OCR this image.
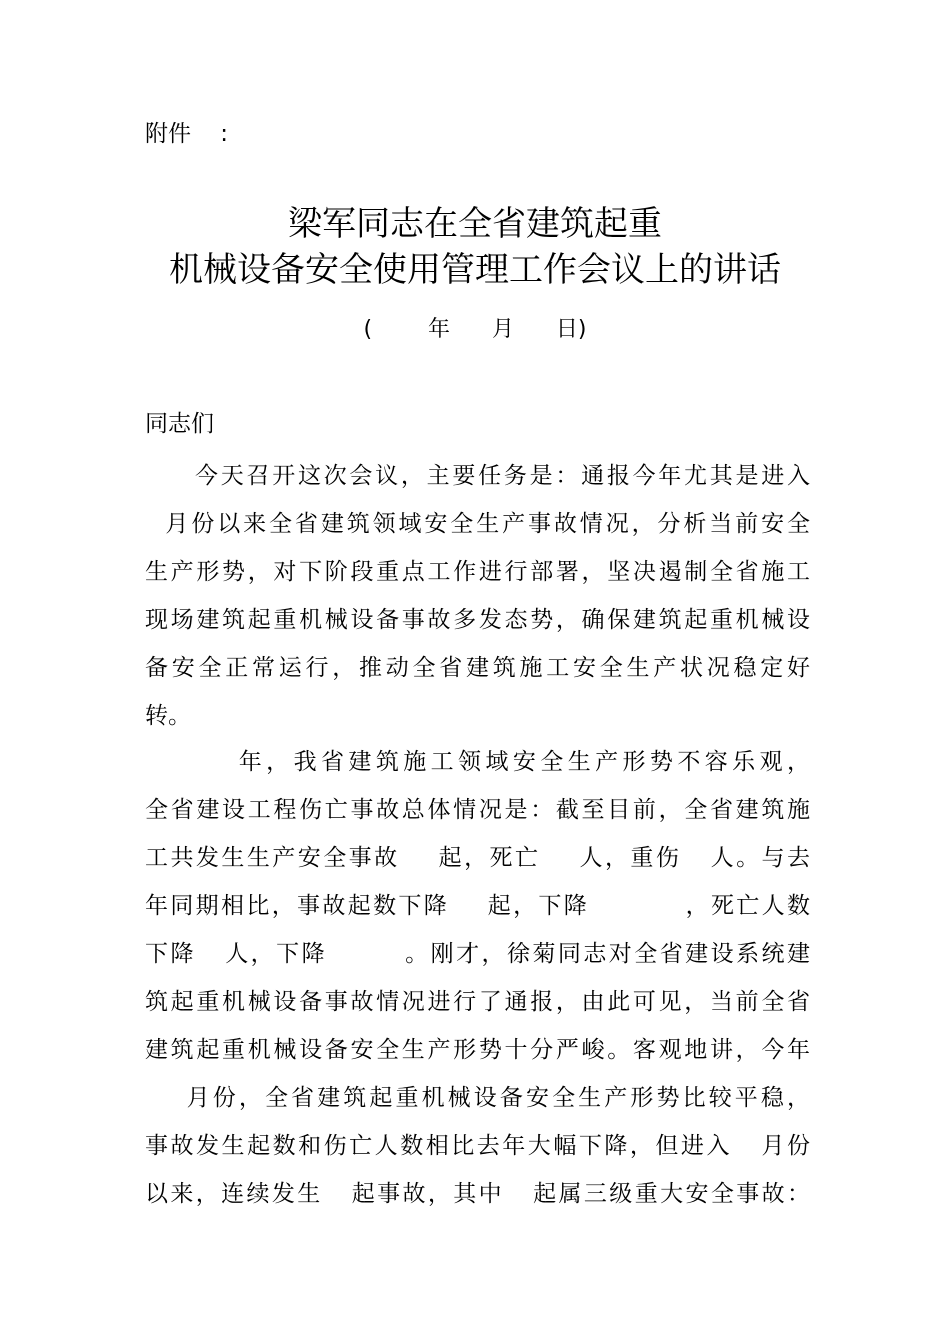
附件    :
梁军同志在全省建筑起重
机械设备安全使用管理工作会议上的讲话
(        年      月      日)
同志们
今天召开这次会议，主要任务是：通报今年尤其是进入
月份以来全省建筑领域安全生产事故情况，分析当前安全
生产形势，对下阶段重点工作进行部署，坚决遏制全省施工
现场建筑起重机械设备事故多发态势，确保建筑起重机械设
备安全正常运行，推动全省建筑施工安全生产状况稳定好
转。
年，我省建筑施工领域安全生产形势不容乐观，
全省建设工程伤亡事故总体情况是：截至目前，全省建筑施
工共发生生产安全事故    起，死亡    人，重伤   人。与去
年同期相比，事故起数下降    起，下降          ，死亡人数
下降   人，下降        。刚才，徐菊同志对全省建设系统建
筑起重机械设备事故情况进行了通报，由此可见，当前全省
建筑起重机械设备安全生产形势十分严峻。客观地讲，今年
月份，全省建筑起重机械设备安全生产形势比较平稳，
事故发生起数和伤亡人数相比去年大幅下降，但进入   月份
以来，连续发生   起事故，其中   起属三级重大安全事故：
